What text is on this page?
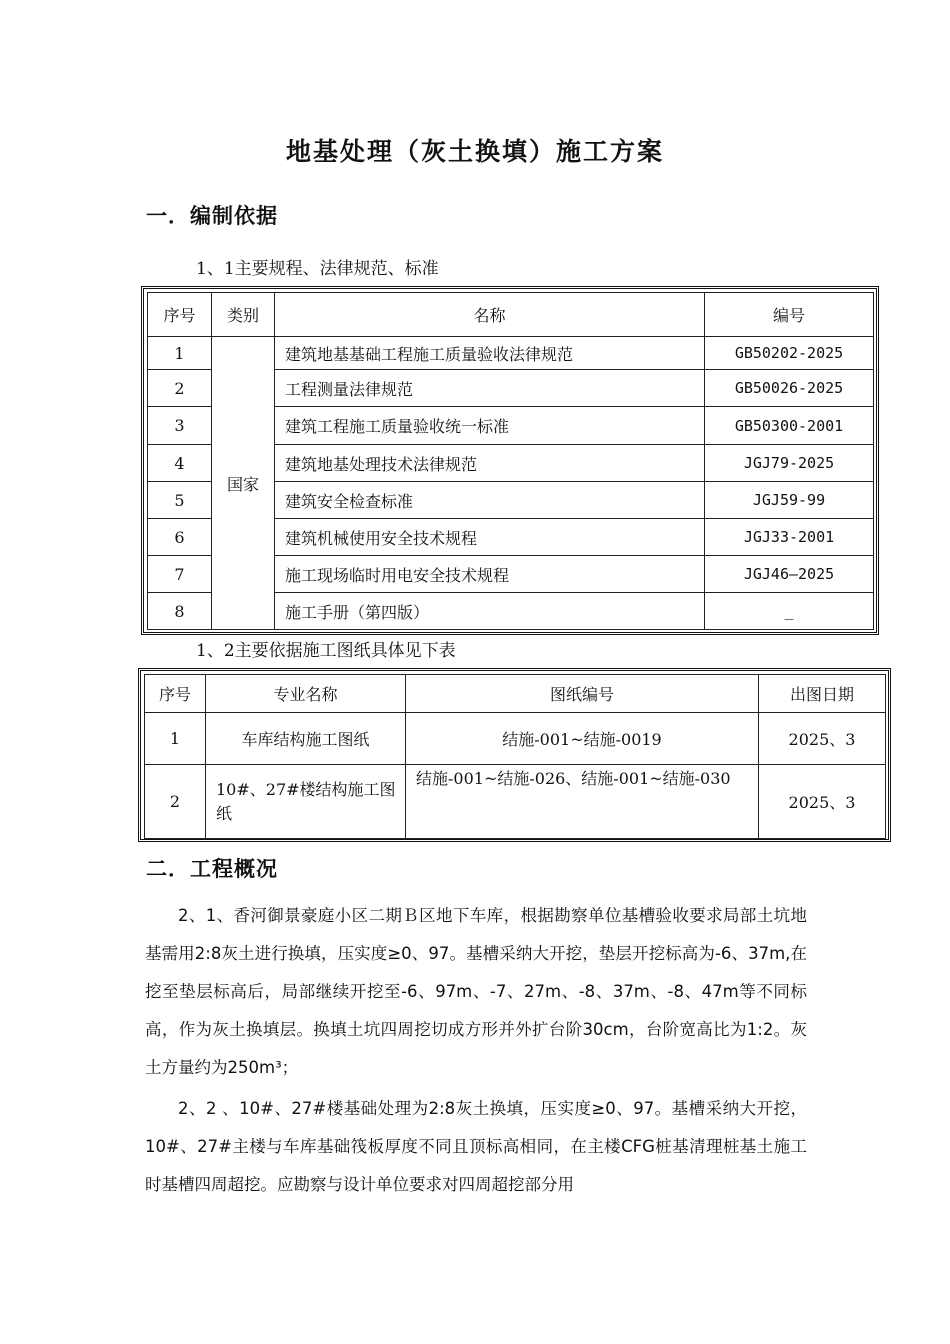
地基处理（灰土换填）施工方案
一．编制依据
1、1主要规程、法律规范、标准
序号	类别	名称	编号
1	国家	建筑地基基础工程施工质量验收法律规范	GB50202-2025
2		工程测量法律规范	GB50026-2025
3		建筑工程施工质量验收统一标准	GB50300-2001
4		建筑地基处理技术法律规范	JGJ79-2025
5		建筑安全检查标准	JGJ59-99
6		建筑机械使用安全技术规程	JGJ33-2001
7		施工现场临时用电安全技术规程	JGJ46—2025
8		施工手册（第四版）	_
1、2主要依据施工图纸具体见下表
序号	专业名称	图纸编号	出图日期
1	车库结构施工图纸	结施-001~结施-0019	2025、3
2	10#、27#楼结构施工图纸	结施-001~结施-026、结施-001~结施-030	2025、3
二．工程概况

2、1、香河御景豪庭小区二期Ｂ区地下车库，根据勘察单位基槽验收要求局部土坑地基需用2:8灰土进行换填，压实度≥0、97。基槽采纳大开挖，垫层开挖标高为-6、37m,在挖至垫层标高后，局部继续开挖至-6、97m、-7、27m、-8、37m、-8、47m等不同标高，作为灰土换填层。换填土坑四周挖切成方形并外扩台阶30cm，台阶宽高比为1:2。灰土方量约为250m³；

2、2 、10#、27#楼基础处理为2:8灰土换填，压实度≥0、97。基槽采纳大开挖，10#、27#主楼与车库基础筏板厚度不同且顶标高相同，在主楼CFG桩基清理桩基土施工时基槽四周超挖。应勘察与设计单位要求对四周超挖部分用
